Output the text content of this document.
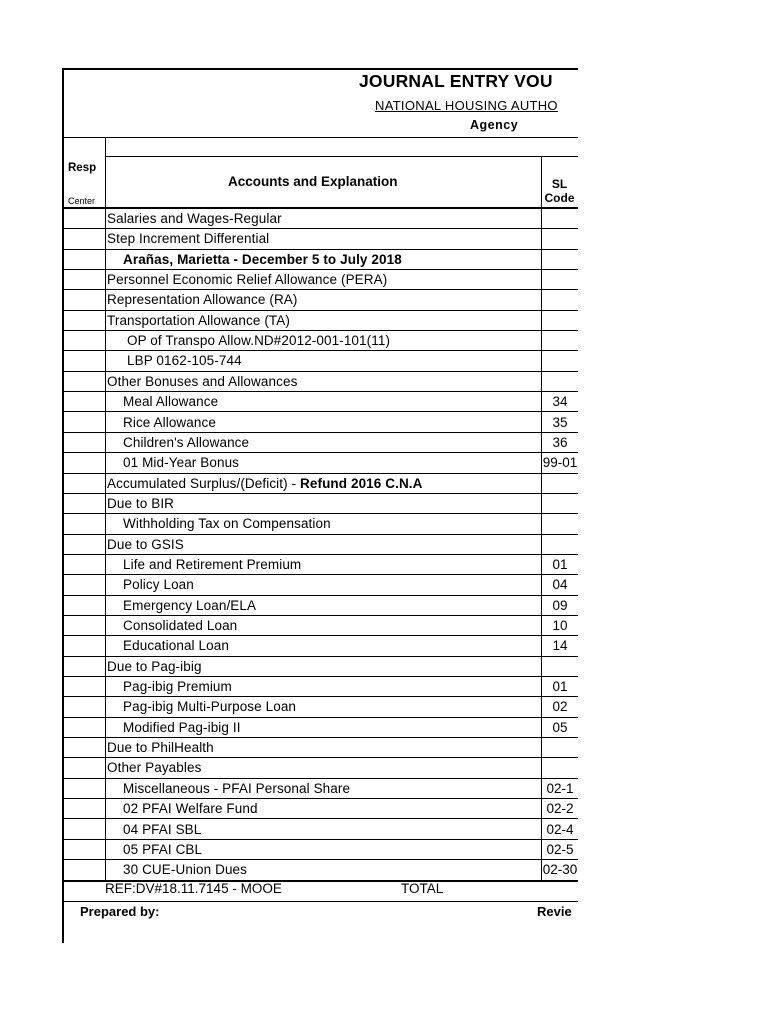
JOURNAL ENTRY VOU
NATIONAL HOUSING AUTHO
Agency
Resp
Center
Accounts and Explanation	SL Code
Salaries and Wages-Regular
Step Increment Differential
Arañas, Marietta - December 5 to July 2018
Personnel Economic Relief Allowance (PERA)
Representation Allowance (RA)
Transportation Allowance (TA)
OP of Transpo Allow.ND#2012-001-101(11)
LBP 0162-105-744
Other Bonuses and Allowances
Meal Allowance	34
Rice Allowance	35
Children's Allowance	36
01 Mid-Year Bonus	99-01
Accumulated Surplus/(Deficit) - Refund 2016 C.N.A
Due to BIR
Withholding Tax on Compensation
Due to GSIS
Life and Retirement Premium	01
Policy Loan	04
Emergency Loan/ELA	09
Consolidated Loan	10
Educational Loan	14
Due to Pag-ibig
Pag-ibig Premium	01
Pag-ibig Multi-Purpose Loan	02
Modified Pag-ibig II	05
Due to PhilHealth
Other Payables
Miscellaneous - PFAI Personal Share	02-1
02 PFAI Welfare Fund	02-2
04 PFAI SBL	02-4
05 PFAI CBL	02-5
30 CUE-Union Dues	02-30
REF:DV#18.11.7145 - MOOE	TOTAL
Prepared by:	Revie
